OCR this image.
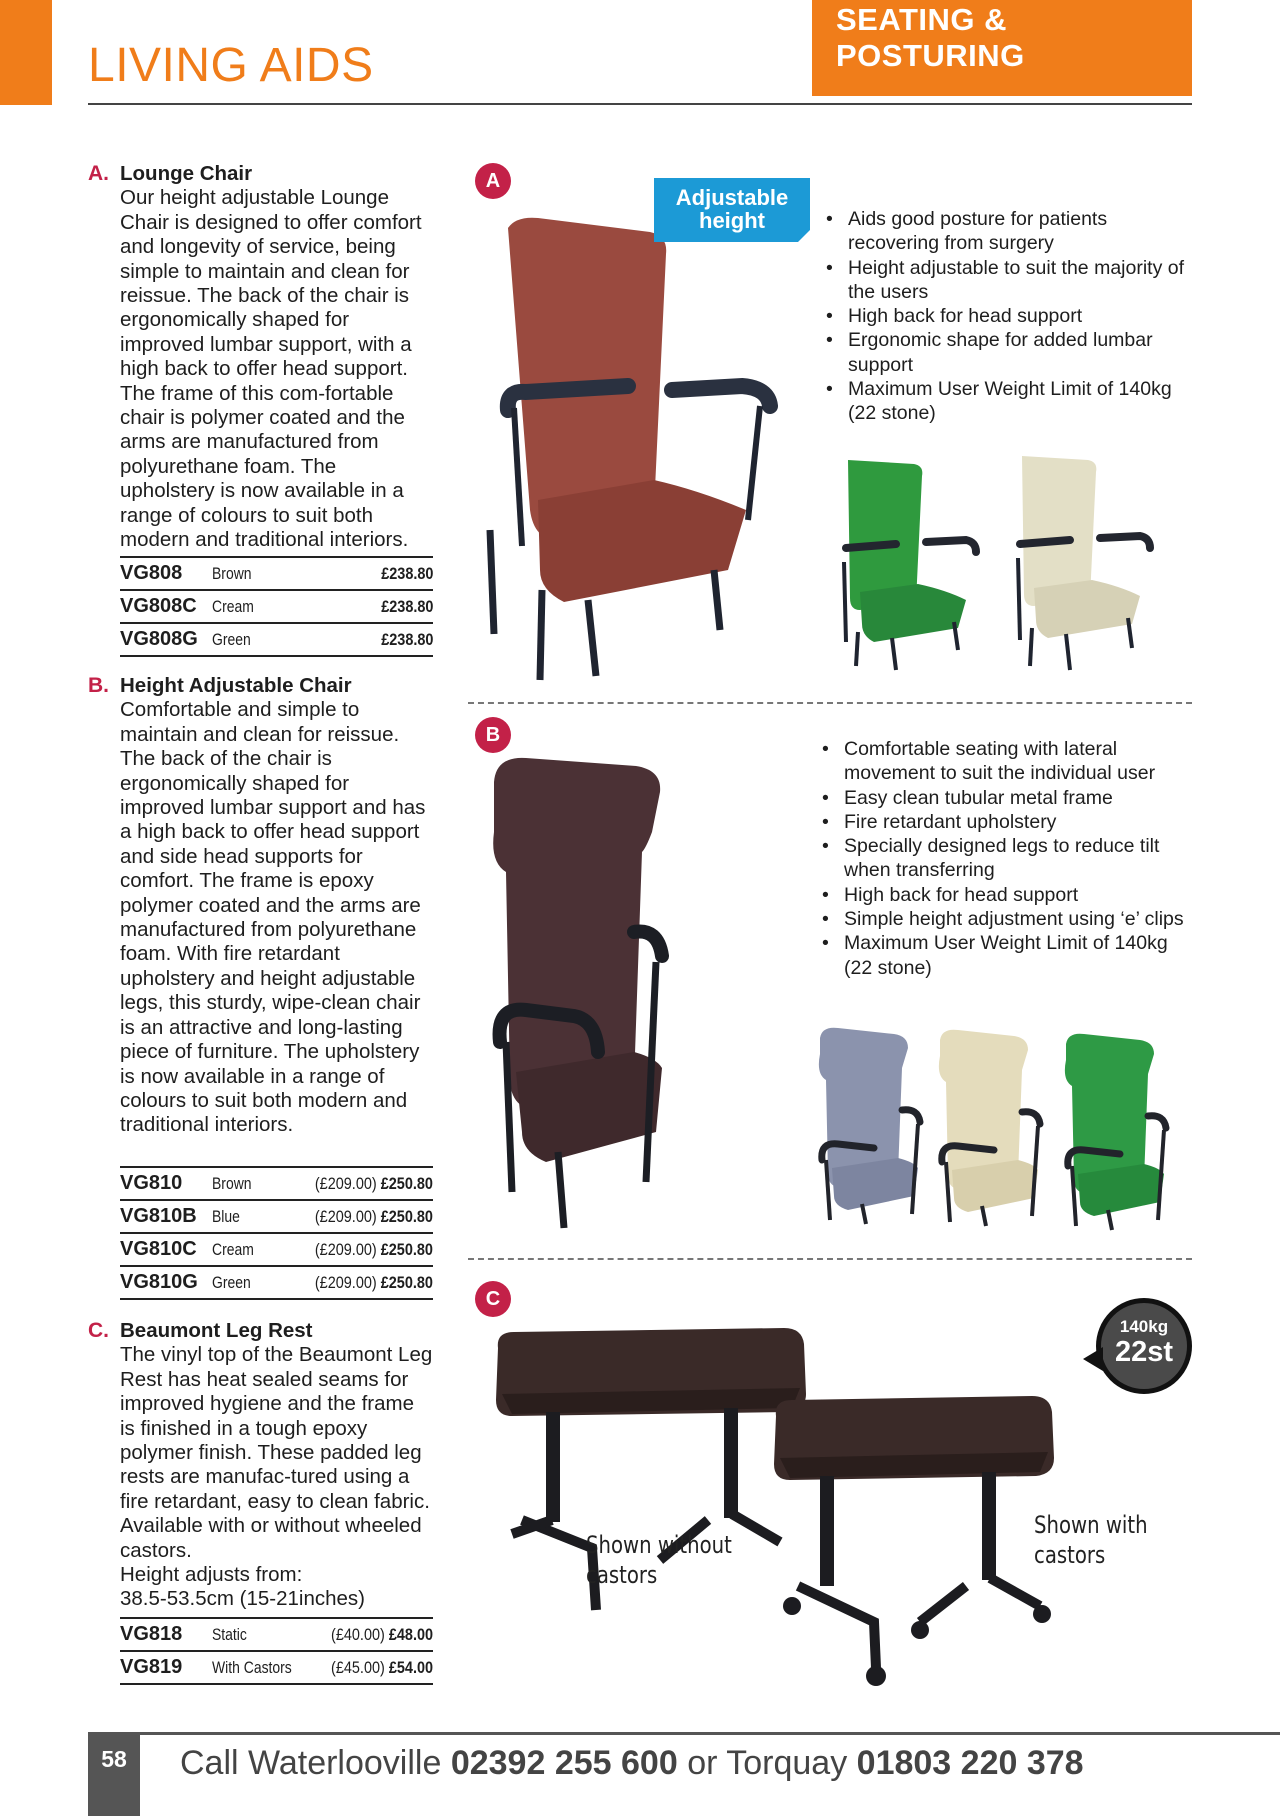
LIVING AIDS
SEATING & POSTURING
A. Lounge Chair
Our height adjustable Lounge Chair is designed to offer comfort and longevity of service, being simple to maintain and clean for reissue. The back of the chair is ergonomically shaped for improved lumbar support, with a high back to offer head support. The frame of this com-fortable chair is polymer coated and the arms are manufactured from polyurethane foam. The upholstery is now available in a range of colours to suit both modern and traditional interiors.
VG808	Brown	£238.80
VG808C Cream	£238.80
VG808G Green	£238.80
A
Adjustable height
•	Aids good posture for patients recovering from surgery
• Height adjustable to suit the majority of the users
• High back for head support
• Ergonomic shape for added lumbar support
• Maximum User Weight Limit of 140kg (22 stone)
B. Height Adjustable Chair
Comfortable and simple to maintain and clean for reissue. The back of the chair is ergonomically shaped for improved lumbar support and has a high back to offer head support and side head supports for comfort. The frame is epoxy polymer coated and the arms are manufactured from polyurethane foam. With fire retardant upholstery and height adjustable legs, this sturdy, wipe-clean chair is an attractive and long-lasting piece of furniture. The upholstery is now available in a range of colours to suit both modern and traditional interiors.
VG810	Brown	(£209.00) £250.80
VG810B Blue	(£209.00) £250.80
VG810C Cream	(£209.00) £250.80
VG810G Green	(£209.00) £250.80
B
• Comfortable seating with lateral movement to suit the individual user
• Easy clean tubular metal frame
• Fire retardant upholstery
• Specially designed legs to reduce tilt when transferring
• High back for head support
• Simple height adjustment using ‘e’ clips
• Maximum User Weight Limit of 140kg (22 stone)
C. Beaumont Leg Rest
The vinyl top of the Beaumont Leg Rest has heat sealed seams for improved hygiene and the frame is finished in a tough epoxy polymer finish. These padded leg rests are manufac-tured using a fire retardant, easy to clean fabric. Available with or without wheeled castors.
Height adjusts from:
38.5-53.5cm (15-21inches)
VG818	Static	(£40.00) £48.00
VG819	With Castors (£45.00) £54.00
C
Shown without castors
Shown with castors
140kg
22st
58	Call Waterlooville 02392 255 600 or Torquay 01803 220 378
